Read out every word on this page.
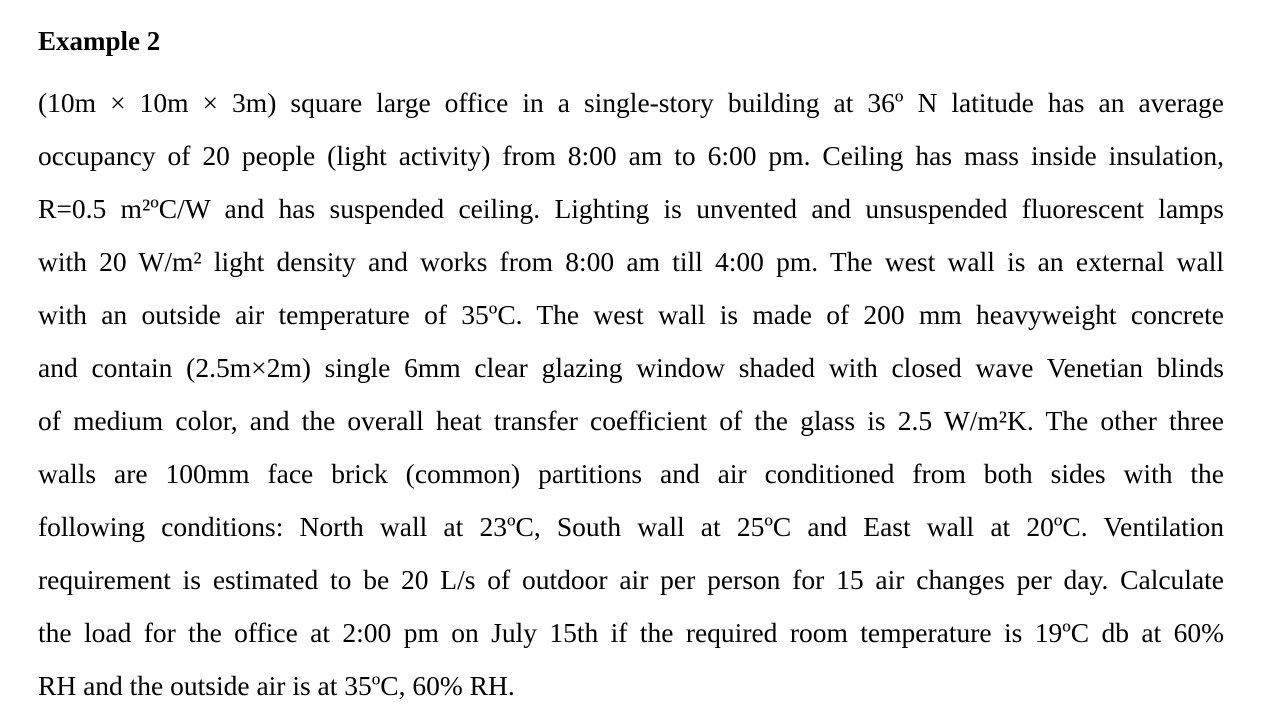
Example 2
(10m × 10m × 3m) square large office in a single-story building at 36º N latitude has an average
occupancy of 20 people (light activity) from 8:00 am to 6:00 pm. Ceiling has mass inside insulation,
R=0.5 m²ºC/W and has suspended ceiling. Lighting is unvented and unsuspended fluorescent lamps
with 20 W/m² light density and works from 8:00 am till 4:00 pm. The west wall is an external wall
with an outside air temperature of 35ºC. The west wall is made of 200 mm heavyweight concrete
and contain (2.5m×2m) single 6mm clear glazing window shaded with closed wave Venetian blinds
of medium color, and the overall heat transfer coefficient of the glass is 2.5 W/m²K. The other three
walls are 100mm face brick (common) partitions and air conditioned from both sides with the
following conditions: North wall at 23ºC, South wall at 25ºC and East wall at 20ºC. Ventilation
requirement is estimated to be 20 L/s of outdoor air per person for 15 air changes per day. Calculate
the load for the office at 2:00 pm on July 15th if the required room temperature is 19ºC db at 60%
RH and the outside air is at 35ºC, 60% RH.
